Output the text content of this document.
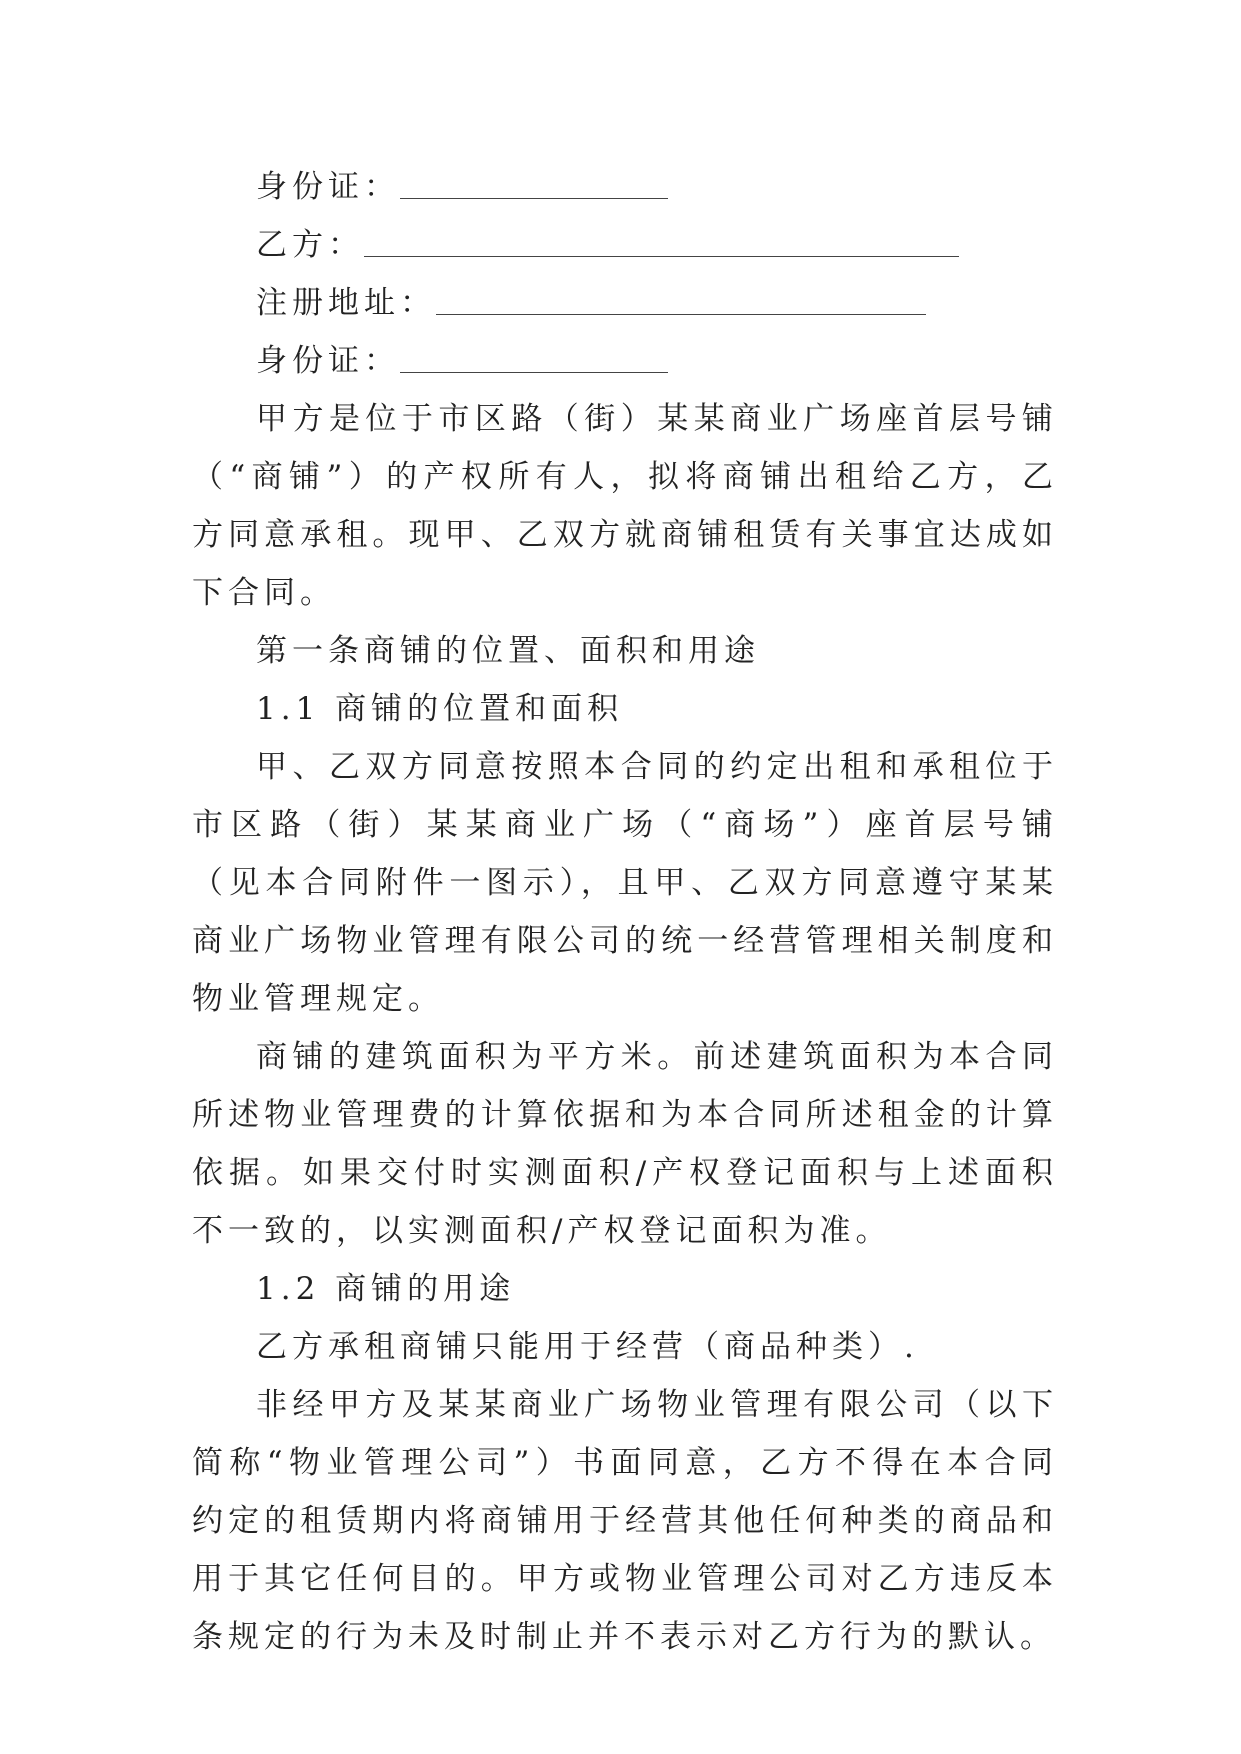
身份证：

乙方：

注册地址：

身份证：

甲方是位于市区路（街）某某商业广场座首层号铺（“商铺”）的产权所有人，拟将商铺出租给乙方，乙方同意承租。现甲、乙双方就商铺租赁有关事宜达成如下合同。

第一条商铺的位置、面积和用途

1.1 商铺的位置和面积

甲、乙双方同意按照本合同的约定出租和承租位于市区路（街）某某商业广场（“商场”）座首层号铺（见本合同附件一图示），且甲、乙双方同意遵守某某商业广场物业管理有限公司的统一经营管理相关制度和物业管理规定。

商铺的建筑面积为平方米。前述建筑面积为本合同所述物业管理费的计算依据和为本合同所述租金的计算依据。如果交付时实测面积/产权登记面积与上述面积不一致的，以实测面积/产权登记面积为准。

1.2 商铺的用途

乙方承租商铺只能用于经营（商品种类）.

非经甲方及某某商业广场物业管理有限公司（以下简称“物业管理公司”）书面同意，乙方不得在本合同约定的租赁期内将商铺用于经营其他任何种类的商品和用于其它任何目的。甲方或物业管理公司对乙方违反本条规定的行为未及时制止并不表示对乙方行为的默认。
